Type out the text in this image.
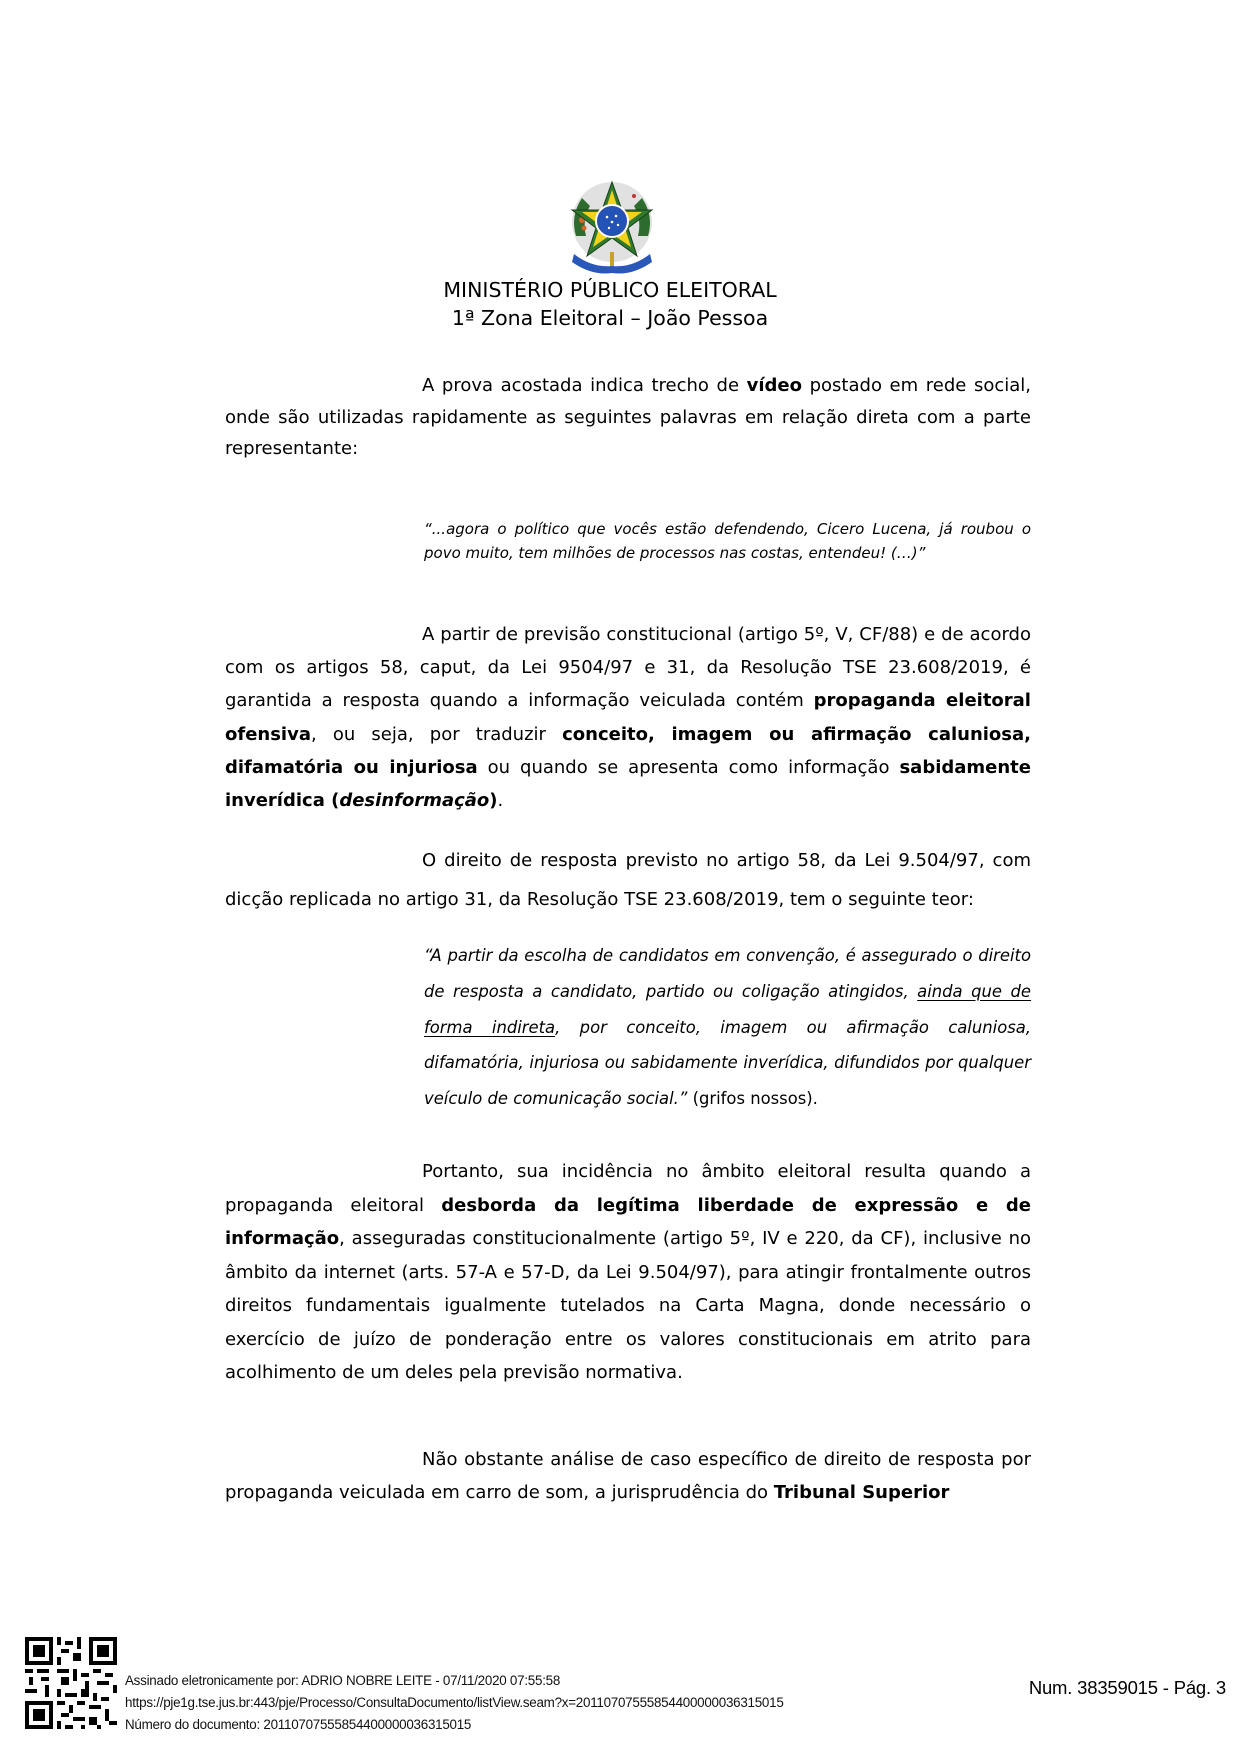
MINISTÉRIO PÚBLICO ELEITORAL
1ª Zona Eleitoral – João Pessoa
A prova acostada indica trecho de vídeo postado em rede social, onde são utilizadas rapidamente as seguintes palavras em relação direta com a parte representante:
“...agora o político que vocês estão defendendo, Cicero Lucena, já roubou o povo muito, tem milhões de processos nas costas, entendeu! (…)”
A partir de previsão constitucional (artigo 5º, V, CF/88) e de acordo com os artigos 58, caput, da Lei 9504/97 e 31, da Resolução TSE 23.608/2019, é garantida a resposta quando a informação veiculada contém propaganda eleitoral ofensiva, ou seja, por traduzir conceito, imagem ou afirmação caluniosa, difamatória ou injuriosa ou quando se apresenta como informação sabidamente inverídica (desinformação).
O direito de resposta previsto no artigo 58, da Lei 9.504/97, com dicção replicada no artigo 31, da Resolução TSE 23.608/2019, tem o seguinte teor:
“A partir da escolha de candidatos em convenção, é assegurado o direito de resposta a candidato, partido ou coligação atingidos, ainda que de forma indireta, por conceito, imagem ou afirmação caluniosa, difamatória, injuriosa ou sabidamente inverídica, difundidos por qualquer veículo de comunicação social.” (grifos nossos).
Portanto, sua incidência no âmbito eleitoral resulta quando a propaganda eleitoral desborda da legítima liberdade de expressão e de informação, asseguradas constitucionalmente (artigo 5º, IV e 220, da CF), inclusive no âmbito da internet (arts. 57-A e 57-D, da Lei 9.504/97), para atingir frontalmente outros direitos fundamentais igualmente tutelados na Carta Magna, donde necessário o exercício de juízo de ponderação entre os valores constitucionais em atrito para acolhimento de um deles pela previsão normativa.
Não obstante análise de caso específico de direito de resposta por propaganda veiculada em carro de som, a jurisprudência do Tribunal Superior
Assinado eletronicamente por: ADRIO NOBRE LEITE - 07/11/2020 07:55:58
https://pje1g.tse.jus.br:443/pje/Processo/ConsultaDocumento/listView.seam?x=20110707555854400000036315015
Número do documento: 20110707555854400000036315015
Num. 38359015 - Pág. 3
